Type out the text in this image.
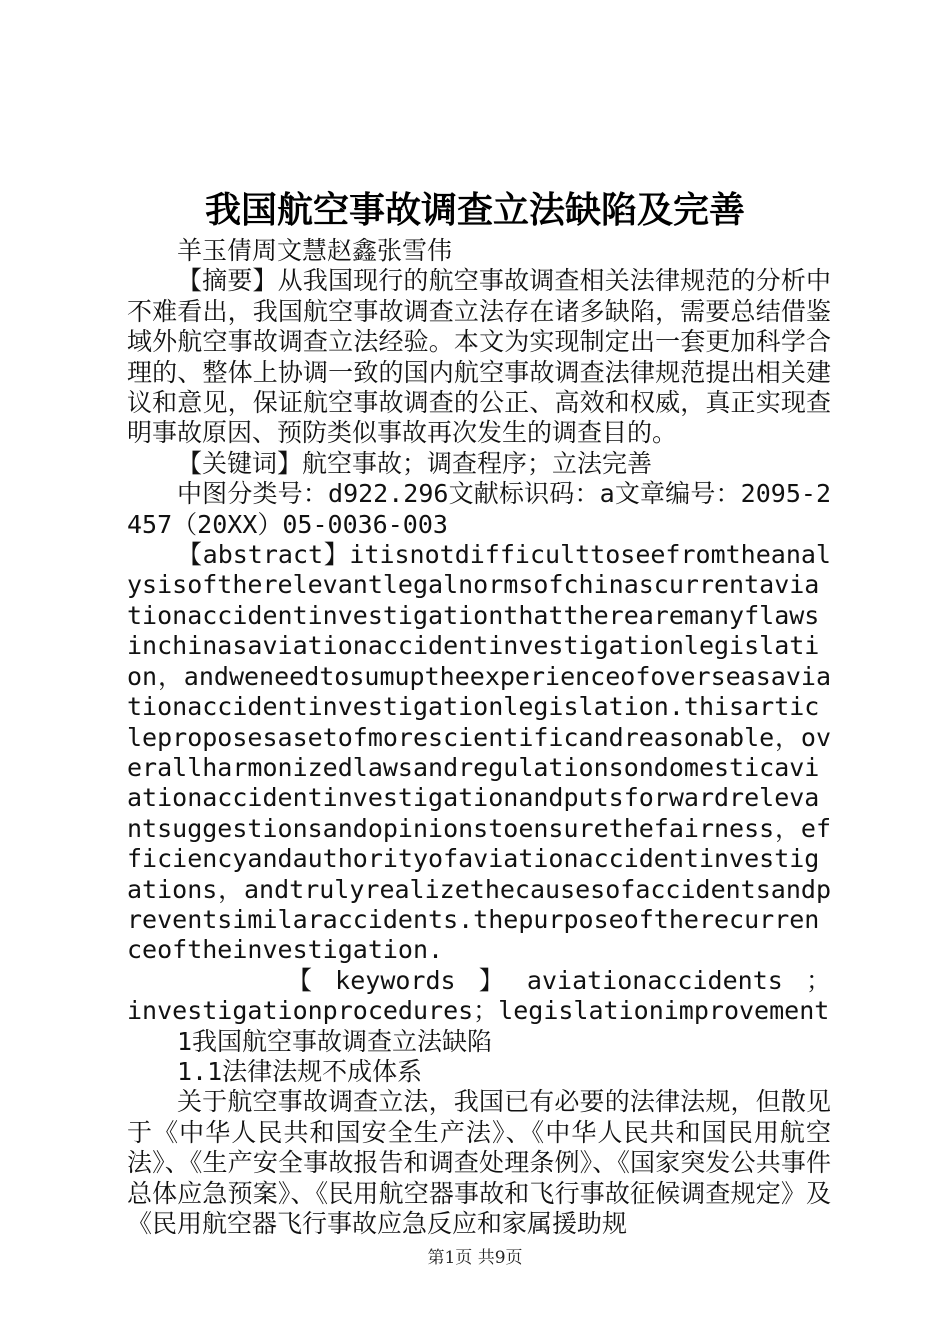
我国航空事故调查立法缺陷及完善

羊玉倩周文慧赵鑫张雪伟

【摘要】从我国现行的航空事故调查相关法律规范的分析中不难看出，我国航空事故调查立法存在诸多缺陷，需要总结借鉴域外航空事故调查立法经验。本文为实现制定出一套更加科学合理的、整体上协调一致的国内航空事故调查法律规范提出相关建议和意见，保证航空事故调查的公正、高效和权威，真正实现查明事故原因、预防类似事故再次发生的调查目的。

【关键词】航空事故；调查程序；立法完善

中图分类号：d922.296文献标识码：a文章编号：2095-2457（20XX）05-0036-003

【abstract】itisnotdifficulttoseefromtheanalysisoftherelevantlegalnormsofchinascurrentaviationaccidentinvestigationthattherearemanyflawsinchinasaviationaccidentinvestigationlegislation，andweneedtosumuptheexperienceofoverseasaviationaccidentinvestigationlegislation.thisarticleproposesasetofmorescientificandreasonable，overallharmonizedlawsandregulationsondomesticaviationaccidentinvestigationandputsforwardrelevantsuggestionsandopinionstoensurethefairness，efficiencyandauthorityofaviationaccidentinvestigations，andtrulyrealizethecausesofaccidentsandpreventsimilaraccidents.thepurposeoftherecurrenceoftheinvestigation.

【 keywords 】 aviationaccidents ；

investigationprocedures；legislationimprovement

1我国航空事故调查立法缺陷

1.1法律法规不成体系

关于航空事故调查立法，我国已有必要的法律法规，但散见于《中华人民共和国安全生产法》、《中华人民共和国民用航空法》、《生产安全事故报告和调查处理条例》、《国家突发公共事件总体应急预案》、《民用航空器事故和飞行事故征候调查规定》及《民用航空器飞行事故应急反应和家属援助规

第1页 共9页
